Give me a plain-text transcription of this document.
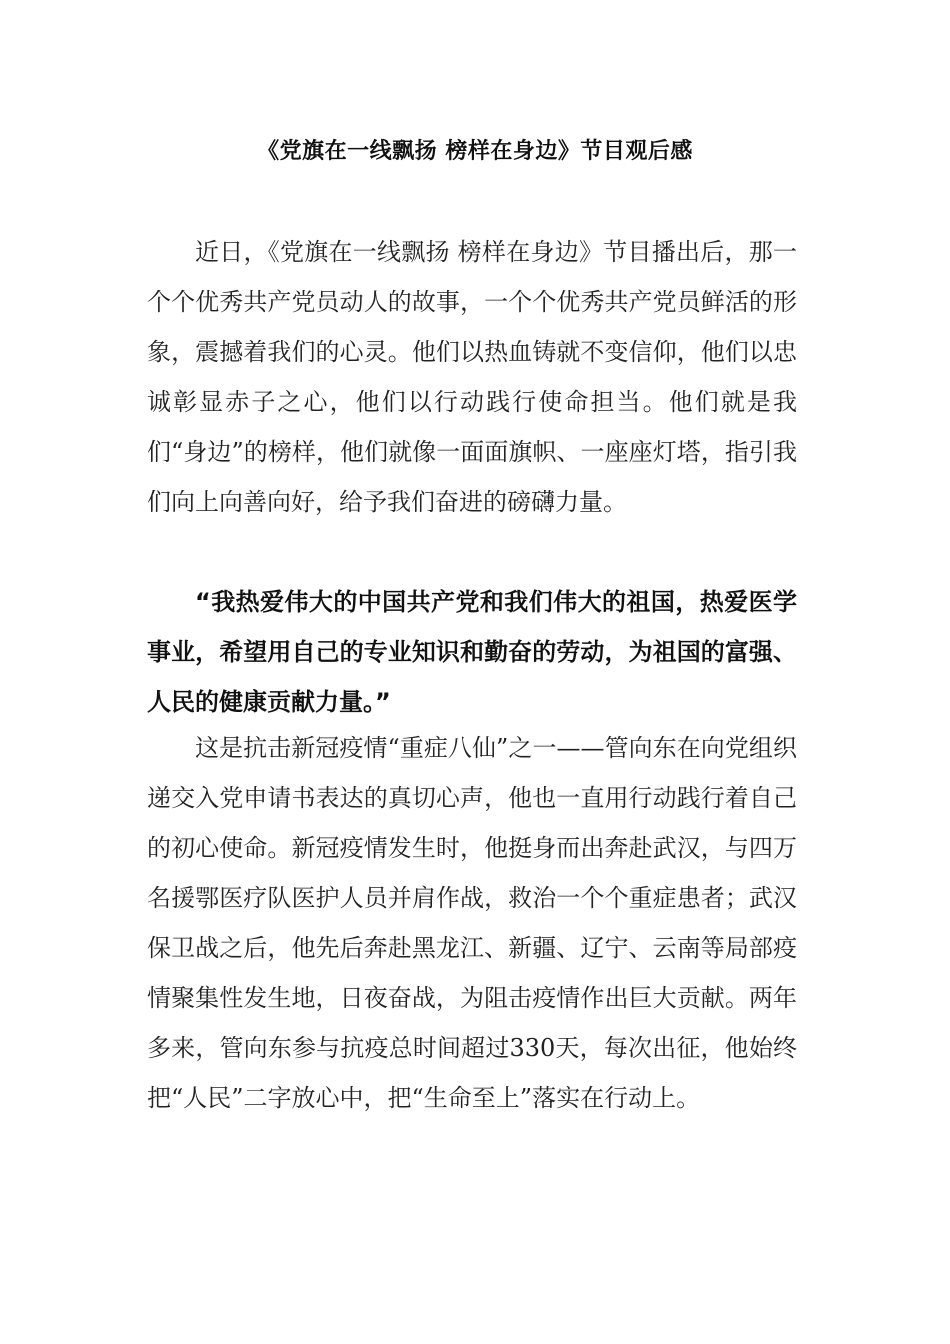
《党旗在一线飘扬 榜样在身边》节目观后感

近日，《党旗在一线飘扬 榜样在身边》节目播出后，那一个个优秀共产党员动人的故事，一个个优秀共产党员鲜活的形象，震撼着我们的心灵。他们以热血铸就不变信仰，他们以忠诚彰显赤子之心，他们以行动践行使命担当。他们就是我们“身边”的榜样，他们就像一面面旗帜、一座座灯塔，指引我们向上向善向好，给予我们奋进的磅礴力量。

“我热爱伟大的中国共产党和我们伟大的祖国，热爱医学事业，希望用自己的专业知识和勤奋的劳动，为祖国的富强、人民的健康贡献力量。”

这是抗击新冠疫情“重症八仙”之一——管向东在向党组织递交入党申请书表达的真切心声，他也一直用行动践行着自己的初心使命。新冠疫情发生时，他挺身而出奔赴武汉，与四万名援鄂医疗队医护人员并肩作战，救治一个个重症患者；武汉保卫战之后，他先后奔赴黑龙江、新疆、辽宁、云南等局部疫情聚集性发生地，日夜奋战，为阻击疫情作出巨大贡献。两年多来，管向东参与抗疫总时间超过330天，每次出征，他始终把“人民”二字放心中，把“生命至上”落实在行动上。
